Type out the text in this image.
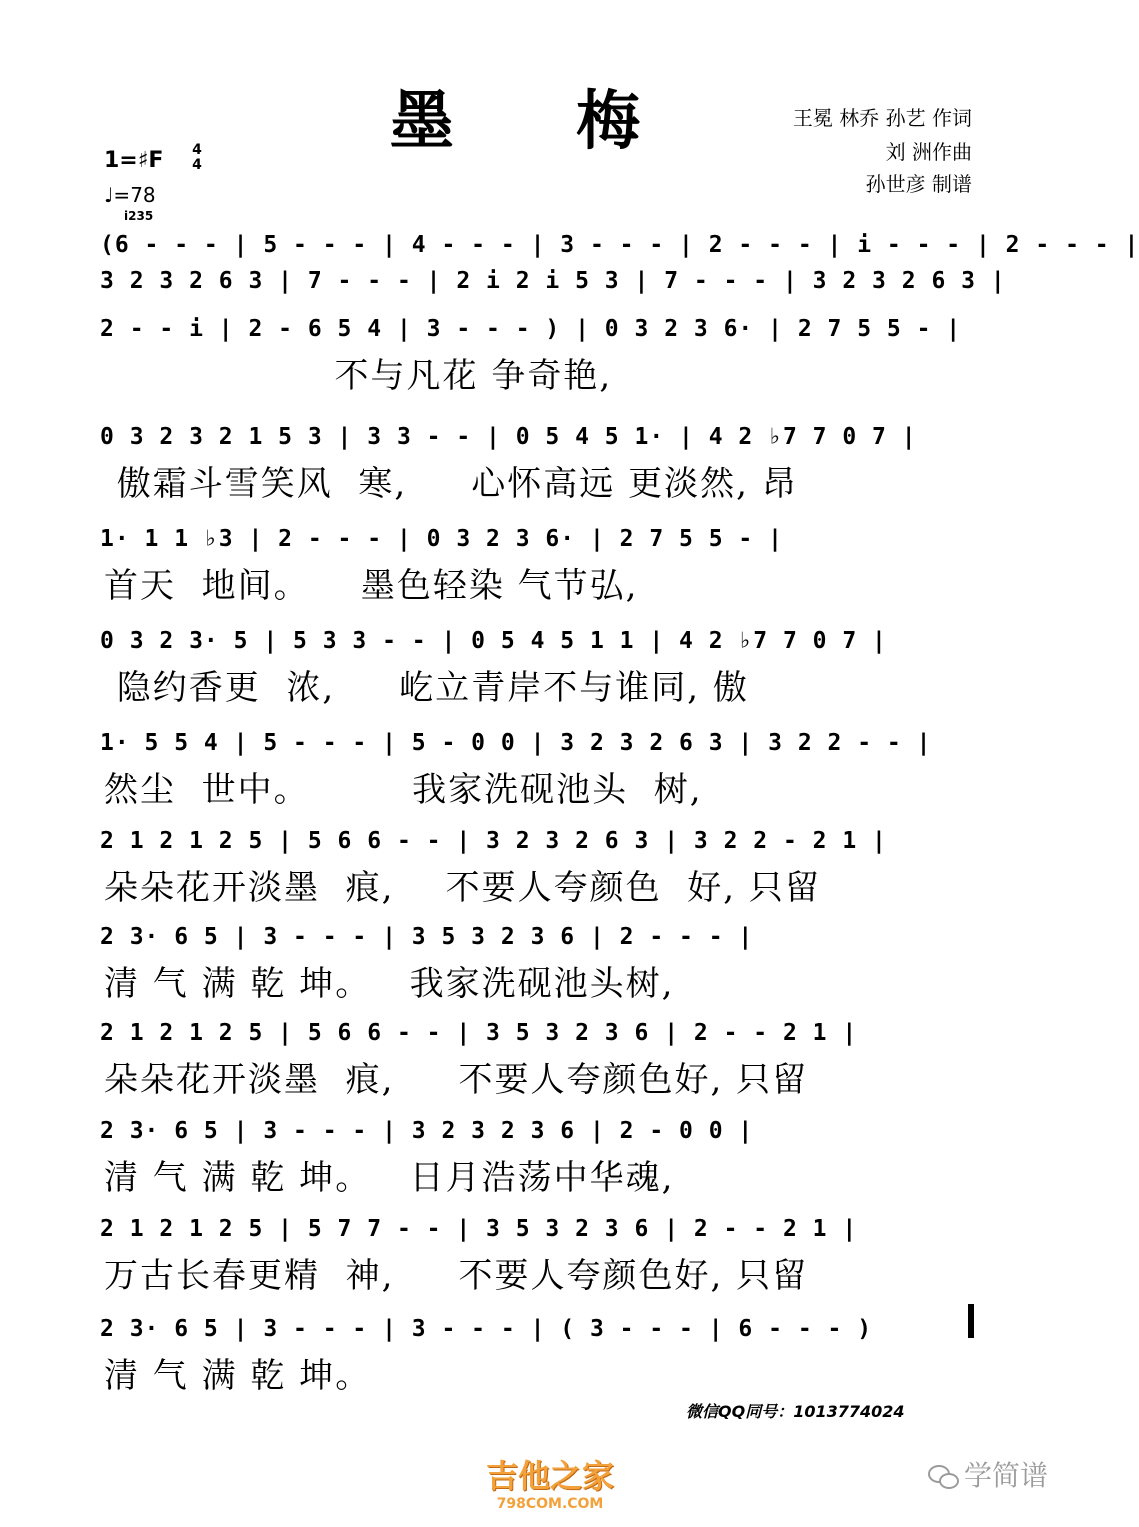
墨 梅	王冕 林乔 孙艺 作词
刘 洲作曲
孙世彦 制谱
1=♯F 4
4
♩=78
i235
(6 - - - | 5 - - - | 4 - - - | 3 - - - | 2 - - - | i - - - | 2 - - - |
3 2 3 2 6 3 | 7 - - - | 2 i 2 i 5 3 | 7 - - - | 3 2 3 2 6 3 |
2 - - i | 2 - 6 5 4 | 3 - - - ) | 0 3 2 3 6· | 2 7 5 5 - |
不与凡花 争奇艳,
0 3 2 3 2 1 5 3 | 3 3 - - | 0 5 4 5 1· | 4 2 ♭7 7 0 7 |
傲霜斗雪笑风  寒,     心怀高远 更淡然, 昂
1· 1 1 ♭3 | 2 - - - | 0 3 2 3 6· | 2 7 5 5 - |
首天  地间。    墨色轻染 气节弘,
0 3 2 3· 5 | 5 3 3 - - | 0 5 4 5 1 1 | 4 2 ♭7 7 0 7 |
隐约香更  浓,     屹立青岸不与谁同, 傲
1· 5 5 4 | 5 - - - | 5 - 0 0 | 3 2 3 2 6 3 | 3 2 2 - - |
然尘  世中。        我家洗砚池头  树,
2 1 2 1 2 5 | 5 6 6 - - | 3 2 3 2 6 3 | 3 2 2 - 2 1 |
朵朵花开淡墨  痕,    不要人夸颜色  好, 只留
2 3· 6 5 | 3 - - - | 3 5 3 2 3 6 | 2 - - - |
清 气 满 乾 坤。   我家洗砚池头树,
2 1 2 1 2 5 | 5 6 6 - - | 3 5 3 2 3 6 | 2 - - 2 1 |
朵朵花开淡墨  痕,     不要人夸颜色好, 只留
2 3· 6 5 | 3 - - - | 3 2 3 2 3 6 | 2 - 0 0 |
清 气 满 乾 坤。   日月浩荡中华魂,
2 1 2 1 2 5 | 5 7 7 - - | 3 5 3 2 3 6 | 2 - - 2 1 |
万古长春更精  神,     不要人夸颜色好, 只留
2 3· 6 5 | 3 - - - | 3 - - - | ( 3 - - - | 6 - - - )
清 气 满 乾 坤。
微信QQ同号：1013774024
吉他之家
798COM.COM
学简谱
